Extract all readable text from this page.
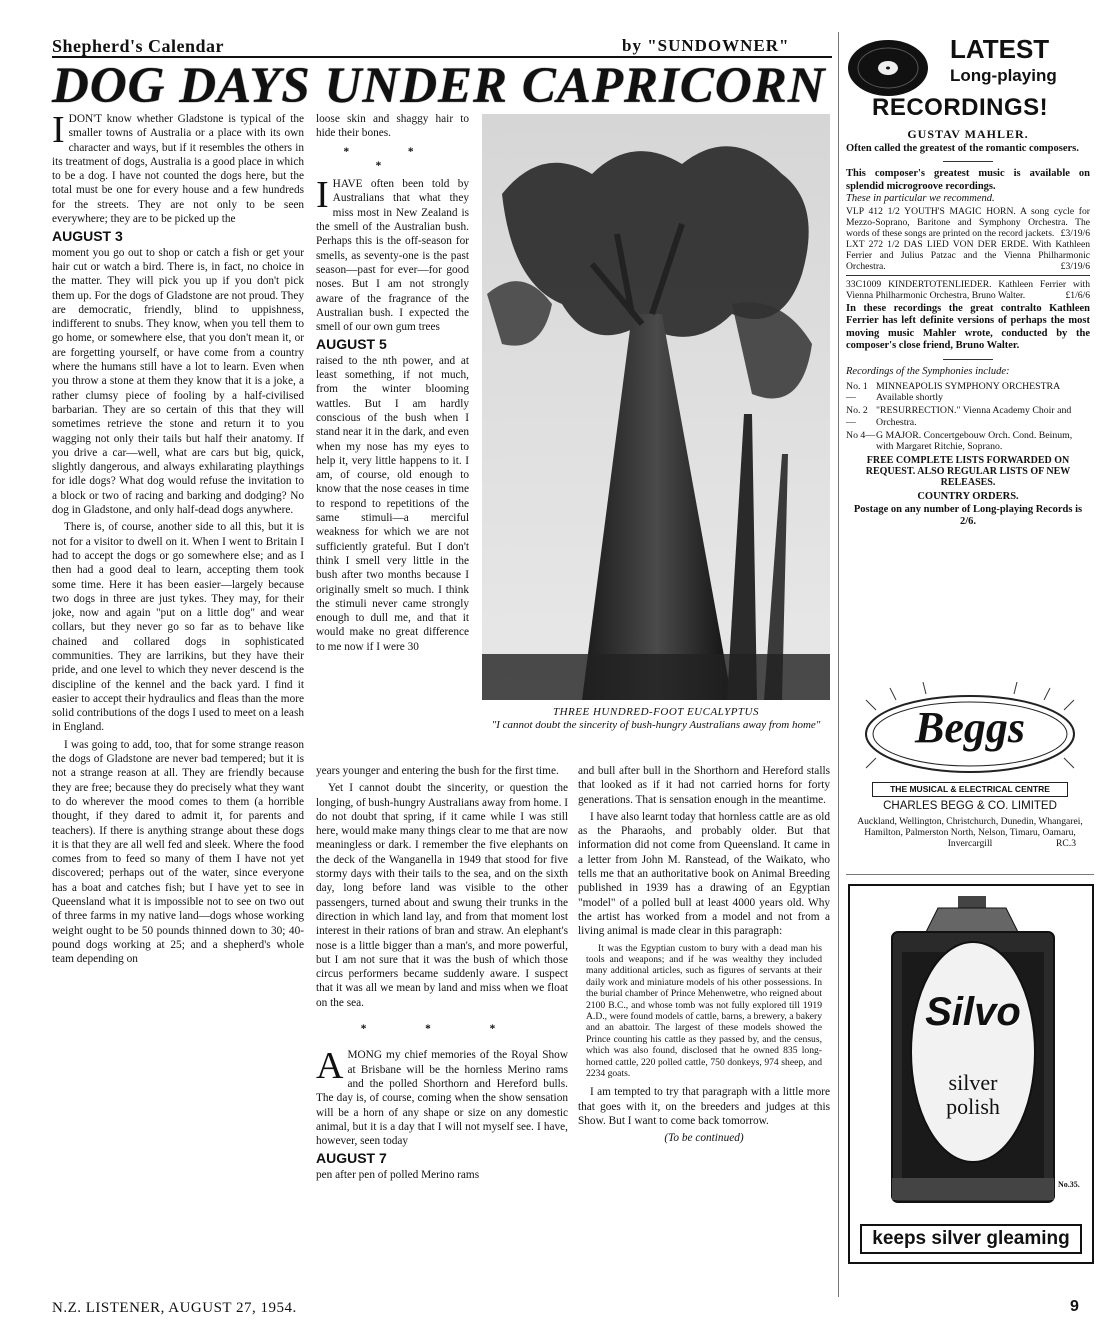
Shepherd's Calendar	by "SUNDOWNER"
DOG DAYS UNDER CAPRICORN

IDON'T know whether Gladstone is typical of the smaller towns of Australia or a place with its own character and ways, but if it resembles the others in its treatment of dogs, Australia is a good place in which to be a dog. I have not counted the dogs here, but the total must be one for every house and a few hundreds for the streets. They are not only to be seen everywhere; they are to be picked up the

AUGUST 3

moment you go out to shop or catch a fish or get your hair cut or watch a bird. There is, in fact, no choice in the matter. They will pick you up if you don't pick them up. For the dogs of Gladstone are not proud. They are democratic, friendly, blind to uppishness, indifferent to snubs. They know, when you tell them to go home, or somewhere else, that you don't mean it, or are forgetting yourself, or have come from a country where the humans still have a lot to learn. Even when you throw a stone at them they know that it is a joke, a rather clumsy piece of fooling by a half-civilised barbarian. They are so certain of this that they will sometimes retrieve the stone and return it to you wagging not only their tails but half their anatomy. If you drive a car—well, what are cars but big, quick, slightly dangerous, and always exhilarating playthings for idle dogs? What dog would refuse the invitation to a block or two of racing and barking and dodging? No dog in Gladstone, and only half-dead dogs anywhere.

There is, of course, another side to all this, but it is not for a visitor to dwell on it. When I went to Britain I had to accept the dogs or go somewhere else; and as I then had a good deal to learn, accepting them took some time. Here it has been easier—largely because two dogs in three are just tykes. They may, for their joke, now and again "put on a little dog" and wear collars, but they never go so far as to behave like chained and collared dogs in sophisticated communities. They are larrikins, but they have their pride, and one level to which they never descend is the discipline of the kennel and the back yard. I find it easier to accept their hydraulics and fleas than the more solid contributions of the dogs I used to meet on a leash in England.

I was going to add, too, that for some strange reason the dogs of Gladstone are never bad tempered; but it is not a strange reason at all. They are friendly because they are free; because they do precisely what they want to do wherever the mood comes to them (a horrible thought, if they dared to admit it, for parents and teachers). If there is anything strange about these dogs it is that they are all well fed and sleek. Where the food comes from to feed so many of them I have not yet discovered; perhaps out of the water, since everyone has a boat and catches fish; but I have yet to see in Queensland what it is impossible not to see on two out of three farms in my native land—dogs whose working weight ought to be 50 pounds thinned down to 30; 40-pound dogs working at 25; and a shepherd's whole team depending on

loose skin and shaggy hair to hide their bones.

* * *

IHAVE often been told by Australians that what they miss most in New Zealand is the smell of the Australian bush. Perhaps this is the off-season for smells, as seventy-one is the past season—past for ever—for good noses. But I am not strongly aware of the fragrance of the Australian bush. I expected the smell of our own gum trees

AUGUST 5

raised to the nth power, and at least something, if not much, from the winter blooming wattles. But I am hardly conscious of the bush when I stand near it in the dark, and even when my nose has my eyes to help it, very little happens to it. I am, of course, old enough to know that the nose ceases in time to respond to repetitions of the same stimuli—a merciful weakness for which we are not sufficiently grateful. But I don't think I smell very little in the bush after two months because I originally smelt so much. I think the stimuli never came strongly enough to dull me, and that it would make no great difference to me now if I were 30

THREE HUNDRED-FOOT EUCALYPTUS
"I cannot doubt the sincerity of bush-hungry Australians away from home"

years younger and entering the bush for the first time.

Yet I cannot doubt the sincerity, or question the longing, of bush-hungry Australians away from home. I do not doubt that spring, if it came while I was still here, would make many things clear to me that are now meaningless or dark. I remember the five elephants on the deck of the Wanganella in 1949 that stood for five stormy days with their tails to the sea, and on the sixth day, long before land was visible to the other passengers, turned about and swung their trunks in the direction in which land lay, and from that moment lost interest in their rations of bran and straw. An elephant's nose is a little bigger than a man's, and more powerful, but I am not sure that it was the bush of which those circus performers became suddenly aware. I suspect that it was all we mean by land and miss when we float on the sea.

* * *

AMONG my chief memories of the Royal Show at Brisbane will be the hornless Merino rams and the polled Shorthorn and Hereford bulls. The day is, of course, coming when the show sensation will be a horn of any shape or size on any domestic animal, but it is a day that I will not myself see. I have, however, seen today

AUGUST 7

pen after pen of polled Merino rams

and bull after bull in the Shorthorn and Hereford stalls that looked as if it had not carried horns for forty generations. That is sensation enough in the meantime.

I have also learnt today that hornless cattle are as old as the Pharaohs, and probably older. But that information did not come from Queensland. It came in a letter from John M. Ranstead, of the Waikato, who tells me that an authoritative book on Animal Breeding published in 1939 has a drawing of an Egyptian "model" of a polled bull at least 4000 years old. Why the artist has worked from a model and not from a living animal is made clear in this paragraph:

It was the Egyptian custom to bury with a dead man his tools and weapons; and if he was wealthy they included many additional articles, such as figures of servants at their daily work and miniature models of his other possessions. In the burial chamber of Prince Mehenwetre, who reigned about 2100 B.C., and whose tomb was not fully explored till 1919 A.D., were found models of cattle, barns, a brewery, a bakery and an abattoir. The largest of these models showed the Prince counting his cattle as they passed by, and the census, which was also found, disclosed that he owned 835 long-horned cattle, 220 polled cattle, 750 donkeys, 974 sheep, and 2234 goats.

I am tempted to try that paragraph with a little more that goes with it, on the breeders and judges at this Show. But I want to come back tomorrow.

(To be continued)

N.Z. LISTENER, AUGUST 27, 1954.	9
LATEST
Long-playing
RECORDINGS!
GUSTAV MAHLER.
Often called the greatest of the romantic composers.
This composer's greatest music is available on splendid microgroove recordings.
These in particular we recommend.
VLP 412 1/2 YOUTH'S MAGIC HORN. A song cycle for Mezzo-Soprano, Baritone and Symphony Orchestra. The words of these songs are printed on the record jackets. £3/19/6
LXT 272 1/2 DAS LIED VON DER ERDE. With Kathleen Ferrier and Julius Patzac and the Vienna Philharmonic Orchestra.	£3/19/6
33C1009 KINDERTOTENLIEDER. Kathleen Ferrier with Vienna Philharmonic Orchestra, Bruno Walter.	£1/6/6
In these recordings the great contralto Kathleen Ferrier has left definite versions of perhaps the most moving music Mahler wrote, conducted by the composer's close friend, Bruno Walter.
Recordings of the Symphonies include:
No. 1—
MINNEAPOLIS SYMPHONY ORCHESTRA Available shortly
No. 2—
"RESURRECTION." Vienna Academy Choir and Orchestra.
No 4— G MAJOR. Concertgebouw Orch. Cond. Beinum, with Margaret Ritchie, Soprano.
FREE COMPLETE LISTS FORWARDED ON REQUEST. ALSO REGULAR LISTS OF NEW RELEASES.
COUNTRY ORDERS.
Postage on any number of Long-playing Records is 2/6.
Beggs
THE MUSICAL & ELECTRICAL CENTRE
CHARLES BEGG & CO. LIMITED
Auckland, Wellington, Christchurch, Dunedin, Whangarei, Hamilton, Palmerston North, Nelson, Timaru, Oamaru, Invercargill	RC.3
Silvo
silver
polish
No.35.
keeps silver gleaming
